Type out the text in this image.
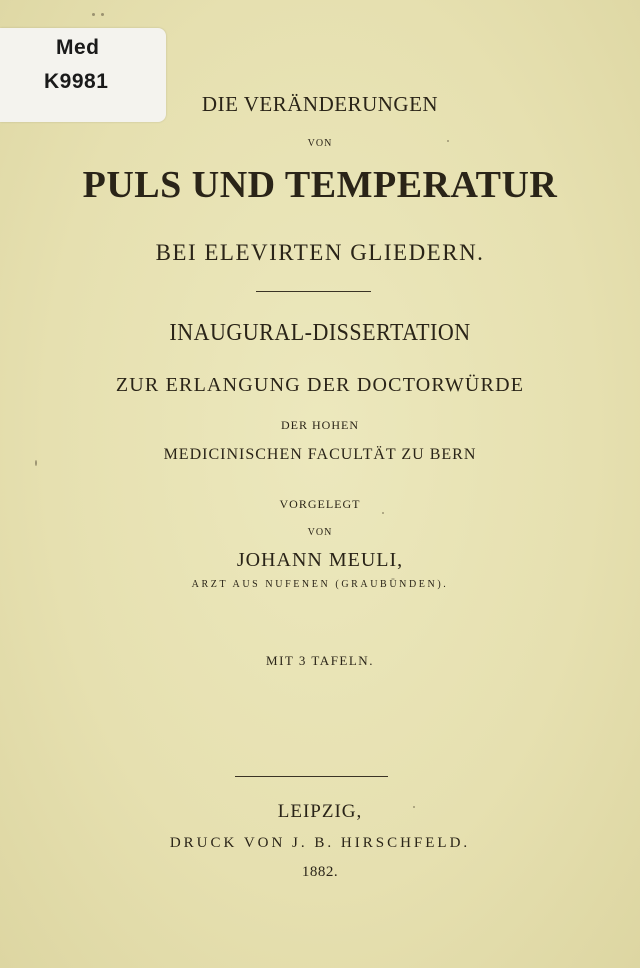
Med
K9981
DIE VERÄNDERUNGEN
VON
PULS UND TEMPERATUR
BEI ELEVIRTEN GLIEDERN.
INAUGURAL-DISSERTATION
ZUR ERLANGUNG DER DOCTORWÜRDE
DER HOHEN
MEDICINISCHEN FACULTÄT ZU BERN
VORGELEGT
VON
JOHANN MEULI,
ARZT AUS NUFENEN (GRAUBÜNDEN).
MIT 3 TAFELN.
LEIPZIG,
DRUCK VON J. B. HIRSCHFELD.
1882.
